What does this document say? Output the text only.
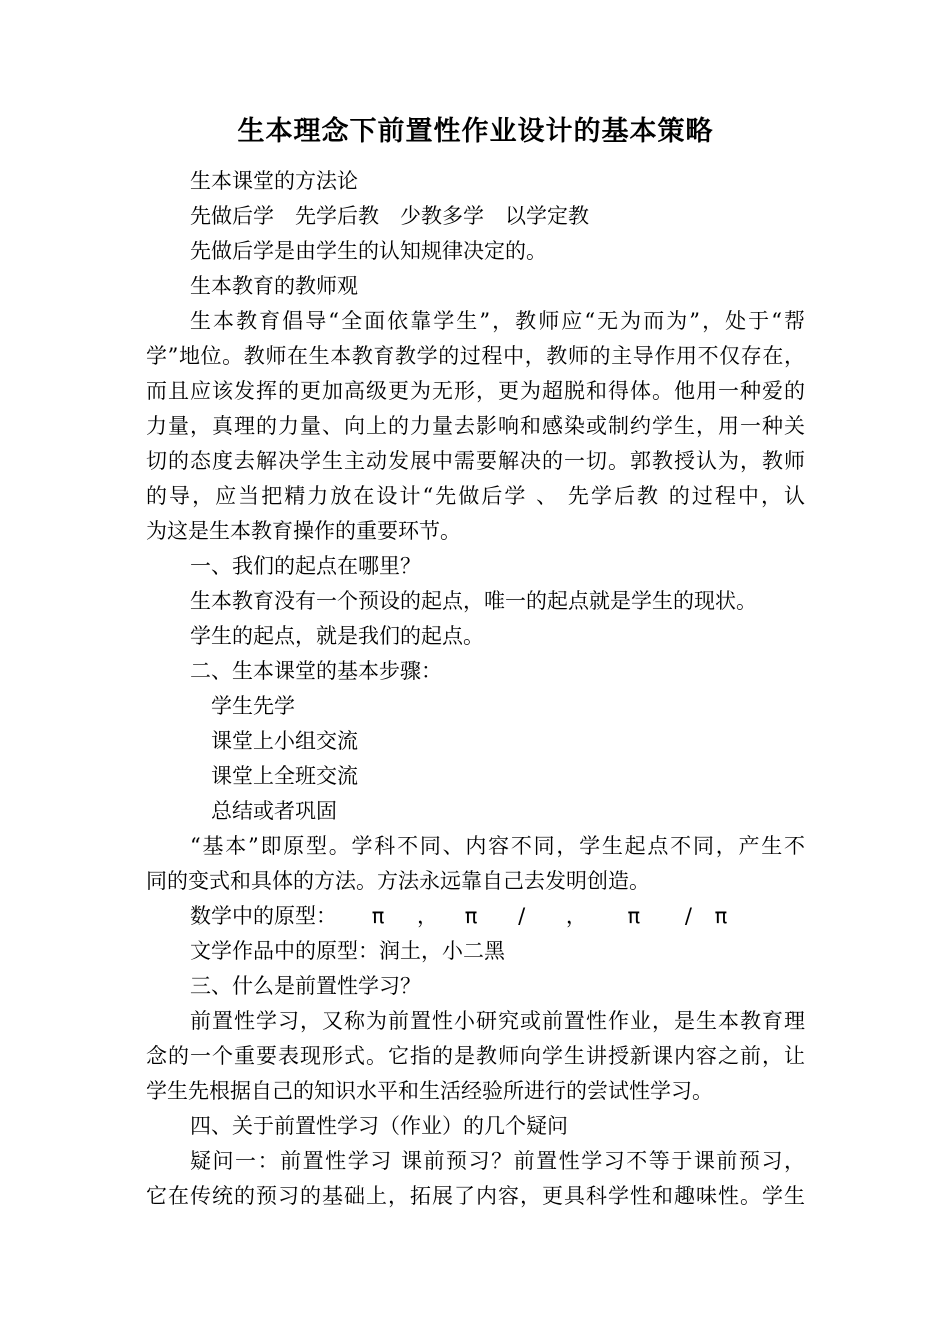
生本理念下前置性作业设计的基本策略

生本课堂的方法论

先做后学　先学后教　少教多学　以学定教

先做后学是由学生的认知规律决定的。

生本教育的教师观

生本教育倡导“全面依靠学生”，教师应“无为而为”，处于“帮

学”地位。教师在生本教育教学的过程中，教师的主导作用不仅存在，

而且应该发挥的更加高级更为无形，更为超脱和得体。他用一种爱的

力量，真理的力量、向上的力量去影响和感染或制约学生，用一种关

切的态度去解决学生主动发展中需要解决的一切。郭教授认为，教师

的导，应当把精力放在设计“先做后学 、 先学后教 的过程中，认

为这是生本教育操作的重要环节。

一、我们的起点在哪里？

生本教育没有一个预设的起点，唯一的起点就是学生的现状。

学生的起点，就是我们的起点。

二、生本课堂的基本步骤：

学生先学

课堂上小组交流

课堂上全班交流

总结或者巩固

“基本”即原型。学科不同、内容不同，学生起点不同，产生不

同的变式和具体的方法。方法永远靠自己去发明创造。

数学中的原型： π ， π / ， π / π

文学作品中的原型：润土，小二黑

三、什么是前置性学习？

前置性学习，又称为前置性小研究或前置性作业，是生本教育理

念的一个重要表现形式。它指的是教师向学生讲授新课内容之前，让

学生先根据自己的知识水平和生活经验所进行的尝试性学习。

四、关于前置性学习（作业）的几个疑问

疑问一：前置性学习 课前预习？前置性学习不等于课前预习，

它在传统的预习的基础上，拓展了内容，更具科学性和趣味性。学生
